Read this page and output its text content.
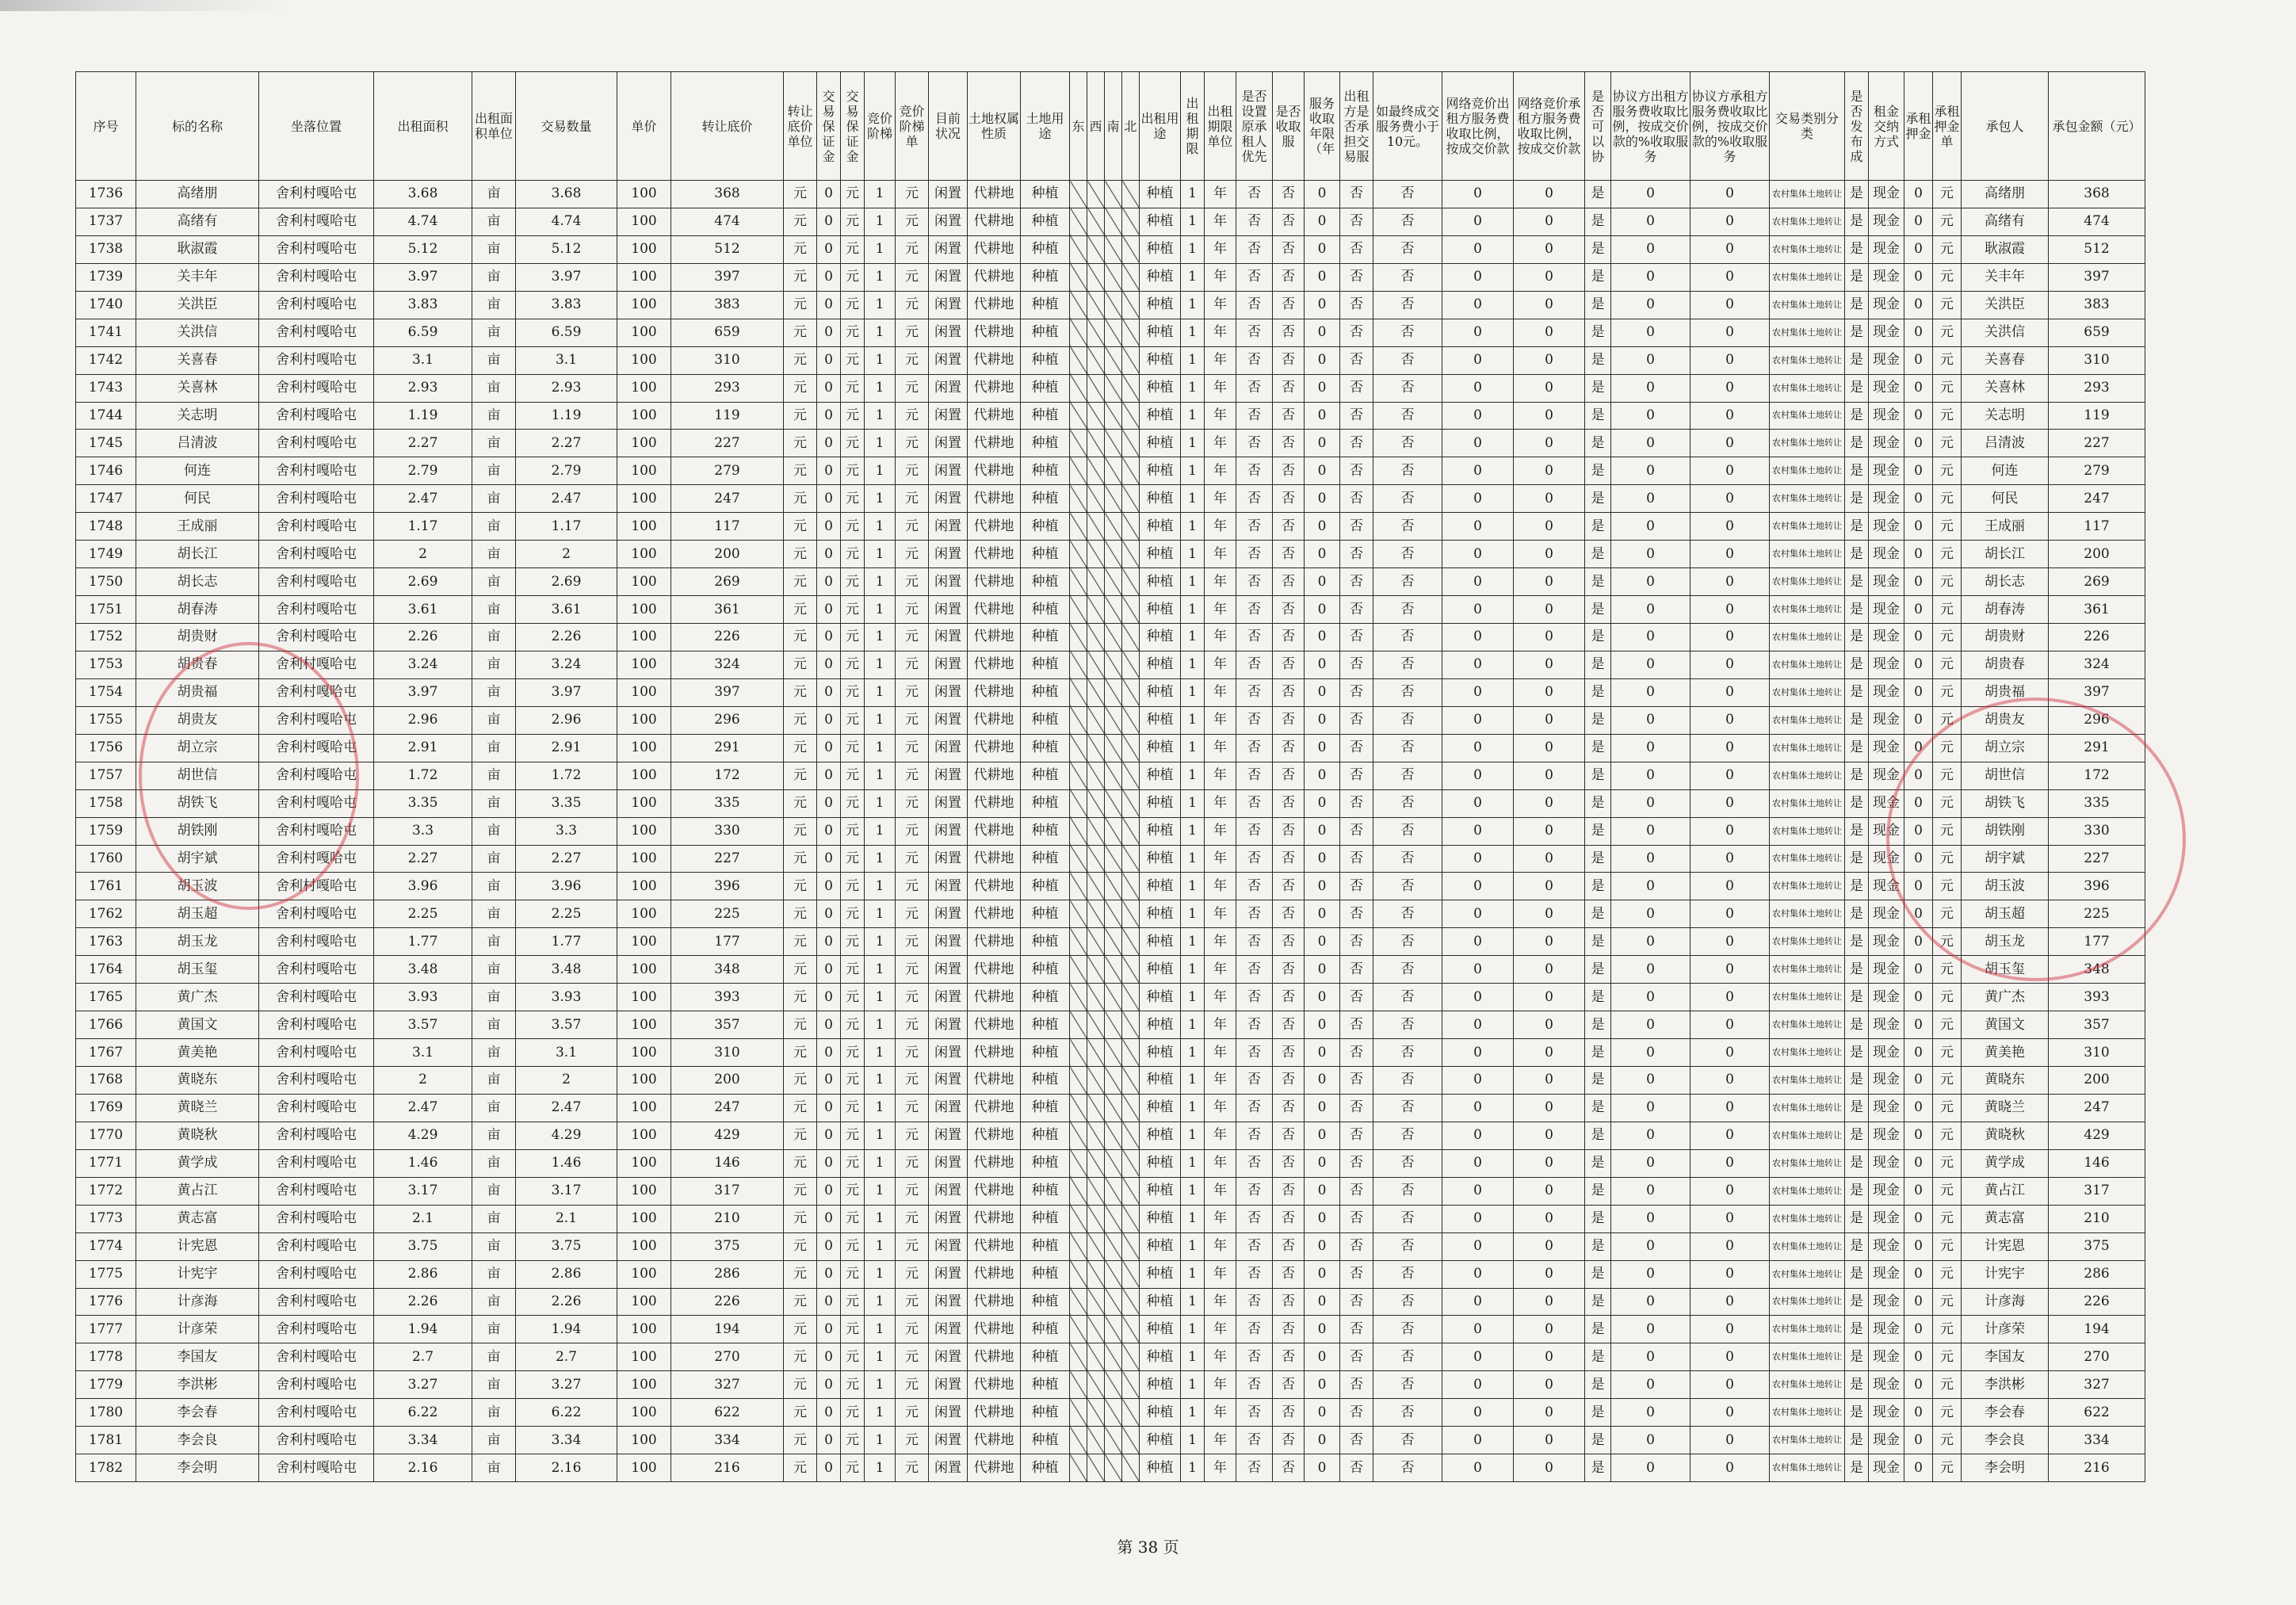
序号	标的名称	坐落位置	出租面积	出租面积单位	交易数量	单价	转让底价	转让底价单位	交易保证金	交易保证金	竞价阶梯	竞价阶梯单	目前状况	土地权属性质	土地用途	东	西	南	北	出租用途	出租期限	出租期限单位	是否设置原承租人优先	是否收取服	服务收取年限（年	出租方是否承担交易服	如最终成交服务费小于10元。	网络竞价出租方服务费收取比例，按成交价款	网络竞价承租方服务费收取比例，按成交价款	是否可以协	协议方出租方服务费收取比例，按成交价款的%收取服务	协议方承租方服务费收取比例，按成交价款的%收取服务	交易类别分类	是否发布成	租金交纳方式	承租押金	承租押金单	承包人	承包金额（元）
1736	高绪朋	舍利村嘎哈屯	3.68	亩	3.68	100	368	元	0	元	1	元	闲置	代耕地	种植					种植	1	年	否	否	0	否	否	0	0	是	0	0	农村集体土地转让	是	现金	0	元	高绪朋	368
1737	高绪有	舍利村嘎哈屯	4.74	亩	4.74	100	474	元	0	元	1	元	闲置	代耕地	种植					种植	1	年	否	否	0	否	否	0	0	是	0	0	农村集体土地转让	是	现金	0	元	高绪有	474
1738	耿淑霞	舍利村嘎哈屯	5.12	亩	5.12	100	512	元	0	元	1	元	闲置	代耕地	种植					种植	1	年	否	否	0	否	否	0	0	是	0	0	农村集体土地转让	是	现金	0	元	耿淑霞	512
1739	关丰年	舍利村嘎哈屯	3.97	亩	3.97	100	397	元	0	元	1	元	闲置	代耕地	种植					种植	1	年	否	否	0	否	否	0	0	是	0	0	农村集体土地转让	是	现金	0	元	关丰年	397
1740	关洪臣	舍利村嘎哈屯	3.83	亩	3.83	100	383	元	0	元	1	元	闲置	代耕地	种植					种植	1	年	否	否	0	否	否	0	0	是	0	0	农村集体土地转让	是	现金	0	元	关洪臣	383
1741	关洪信	舍利村嘎哈屯	6.59	亩	6.59	100	659	元	0	元	1	元	闲置	代耕地	种植					种植	1	年	否	否	0	否	否	0	0	是	0	0	农村集体土地转让	是	现金	0	元	关洪信	659
1742	关喜春	舍利村嘎哈屯	3.1	亩	3.1	100	310	元	0	元	1	元	闲置	代耕地	种植					种植	1	年	否	否	0	否	否	0	0	是	0	0	农村集体土地转让	是	现金	0	元	关喜春	310
1743	关喜林	舍利村嘎哈屯	2.93	亩	2.93	100	293	元	0	元	1	元	闲置	代耕地	种植					种植	1	年	否	否	0	否	否	0	0	是	0	0	农村集体土地转让	是	现金	0	元	关喜林	293
1744	关志明	舍利村嘎哈屯	1.19	亩	1.19	100	119	元	0	元	1	元	闲置	代耕地	种植					种植	1	年	否	否	0	否	否	0	0	是	0	0	农村集体土地转让	是	现金	0	元	关志明	119
1745	吕清波	舍利村嘎哈屯	2.27	亩	2.27	100	227	元	0	元	1	元	闲置	代耕地	种植					种植	1	年	否	否	0	否	否	0	0	是	0	0	农村集体土地转让	是	现金	0	元	吕清波	227
1746	何连	舍利村嘎哈屯	2.79	亩	2.79	100	279	元	0	元	1	元	闲置	代耕地	种植					种植	1	年	否	否	0	否	否	0	0	是	0	0	农村集体土地转让	是	现金	0	元	何连	279
1747	何民	舍利村嘎哈屯	2.47	亩	2.47	100	247	元	0	元	1	元	闲置	代耕地	种植					种植	1	年	否	否	0	否	否	0	0	是	0	0	农村集体土地转让	是	现金	0	元	何民	247
1748	王成丽	舍利村嘎哈屯	1.17	亩	1.17	100	117	元	0	元	1	元	闲置	代耕地	种植					种植	1	年	否	否	0	否	否	0	0	是	0	0	农村集体土地转让	是	现金	0	元	王成丽	117
1749	胡长江	舍利村嘎哈屯	2	亩	2	100	200	元	0	元	1	元	闲置	代耕地	种植					种植	1	年	否	否	0	否	否	0	0	是	0	0	农村集体土地转让	是	现金	0	元	胡长江	200
1750	胡长志	舍利村嘎哈屯	2.69	亩	2.69	100	269	元	0	元	1	元	闲置	代耕地	种植					种植	1	年	否	否	0	否	否	0	0	是	0	0	农村集体土地转让	是	现金	0	元	胡长志	269
1751	胡春涛	舍利村嘎哈屯	3.61	亩	3.61	100	361	元	0	元	1	元	闲置	代耕地	种植					种植	1	年	否	否	0	否	否	0	0	是	0	0	农村集体土地转让	是	现金	0	元	胡春涛	361
1752	胡贵财	舍利村嘎哈屯	2.26	亩	2.26	100	226	元	0	元	1	元	闲置	代耕地	种植					种植	1	年	否	否	0	否	否	0	0	是	0	0	农村集体土地转让	是	现金	0	元	胡贵财	226
1753	胡贵春	舍利村嘎哈屯	3.24	亩	3.24	100	324	元	0	元	1	元	闲置	代耕地	种植					种植	1	年	否	否	0	否	否	0	0	是	0	0	农村集体土地转让	是	现金	0	元	胡贵春	324
1754	胡贵福	舍利村嘎哈屯	3.97	亩	3.97	100	397	元	0	元	1	元	闲置	代耕地	种植					种植	1	年	否	否	0	否	否	0	0	是	0	0	农村集体土地转让	是	现金	0	元	胡贵福	397
1755	胡贵友	舍利村嘎哈屯	2.96	亩	2.96	100	296	元	0	元	1	元	闲置	代耕地	种植					种植	1	年	否	否	0	否	否	0	0	是	0	0	农村集体土地转让	是	现金	0	元	胡贵友	296
1756	胡立宗	舍利村嘎哈屯	2.91	亩	2.91	100	291	元	0	元	1	元	闲置	代耕地	种植					种植	1	年	否	否	0	否	否	0	0	是	0	0	农村集体土地转让	是	现金	0	元	胡立宗	291
1757	胡世信	舍利村嘎哈屯	1.72	亩	1.72	100	172	元	0	元	1	元	闲置	代耕地	种植					种植	1	年	否	否	0	否	否	0	0	是	0	0	农村集体土地转让	是	现金	0	元	胡世信	172
1758	胡铁飞	舍利村嘎哈屯	3.35	亩	3.35	100	335	元	0	元	1	元	闲置	代耕地	种植					种植	1	年	否	否	0	否	否	0	0	是	0	0	农村集体土地转让	是	现金	0	元	胡铁飞	335
1759	胡铁刚	舍利村嘎哈屯	3.3	亩	3.3	100	330	元	0	元	1	元	闲置	代耕地	种植					种植	1	年	否	否	0	否	否	0	0	是	0	0	农村集体土地转让	是	现金	0	元	胡铁刚	330
1760	胡宇斌	舍利村嘎哈屯	2.27	亩	2.27	100	227	元	0	元	1	元	闲置	代耕地	种植					种植	1	年	否	否	0	否	否	0	0	是	0	0	农村集体土地转让	是	现金	0	元	胡宇斌	227
1761	胡玉波	舍利村嘎哈屯	3.96	亩	3.96	100	396	元	0	元	1	元	闲置	代耕地	种植					种植	1	年	否	否	0	否	否	0	0	是	0	0	农村集体土地转让	是	现金	0	元	胡玉波	396
1762	胡玉超	舍利村嘎哈屯	2.25	亩	2.25	100	225	元	0	元	1	元	闲置	代耕地	种植					种植	1	年	否	否	0	否	否	0	0	是	0	0	农村集体土地转让	是	现金	0	元	胡玉超	225
1763	胡玉龙	舍利村嘎哈屯	1.77	亩	1.77	100	177	元	0	元	1	元	闲置	代耕地	种植					种植	1	年	否	否	0	否	否	0	0	是	0	0	农村集体土地转让	是	现金	0	元	胡玉龙	177
1764	胡玉玺	舍利村嘎哈屯	3.48	亩	3.48	100	348	元	0	元	1	元	闲置	代耕地	种植					种植	1	年	否	否	0	否	否	0	0	是	0	0	农村集体土地转让	是	现金	0	元	胡玉玺	348
1765	黄广杰	舍利村嘎哈屯	3.93	亩	3.93	100	393	元	0	元	1	元	闲置	代耕地	种植					种植	1	年	否	否	0	否	否	0	0	是	0	0	农村集体土地转让	是	现金	0	元	黄广杰	393
1766	黄国文	舍利村嘎哈屯	3.57	亩	3.57	100	357	元	0	元	1	元	闲置	代耕地	种植					种植	1	年	否	否	0	否	否	0	0	是	0	0	农村集体土地转让	是	现金	0	元	黄国文	357
1767	黄美艳	舍利村嘎哈屯	3.1	亩	3.1	100	310	元	0	元	1	元	闲置	代耕地	种植					种植	1	年	否	否	0	否	否	0	0	是	0	0	农村集体土地转让	是	现金	0	元	黄美艳	310
1768	黄晓东	舍利村嘎哈屯	2	亩	2	100	200	元	0	元	1	元	闲置	代耕地	种植					种植	1	年	否	否	0	否	否	0	0	是	0	0	农村集体土地转让	是	现金	0	元	黄晓东	200
1769	黄晓兰	舍利村嘎哈屯	2.47	亩	2.47	100	247	元	0	元	1	元	闲置	代耕地	种植					种植	1	年	否	否	0	否	否	0	0	是	0	0	农村集体土地转让	是	现金	0	元	黄晓兰	247
1770	黄晓秋	舍利村嘎哈屯	4.29	亩	4.29	100	429	元	0	元	1	元	闲置	代耕地	种植					种植	1	年	否	否	0	否	否	0	0	是	0	0	农村集体土地转让	是	现金	0	元	黄晓秋	429
1771	黄学成	舍利村嘎哈屯	1.46	亩	1.46	100	146	元	0	元	1	元	闲置	代耕地	种植					种植	1	年	否	否	0	否	否	0	0	是	0	0	农村集体土地转让	是	现金	0	元	黄学成	146
1772	黄占江	舍利村嘎哈屯	3.17	亩	3.17	100	317	元	0	元	1	元	闲置	代耕地	种植					种植	1	年	否	否	0	否	否	0	0	是	0	0	农村集体土地转让	是	现金	0	元	黄占江	317
1773	黄志富	舍利村嘎哈屯	2.1	亩	2.1	100	210	元	0	元	1	元	闲置	代耕地	种植					种植	1	年	否	否	0	否	否	0	0	是	0	0	农村集体土地转让	是	现金	0	元	黄志富	210
1774	计宪恩	舍利村嘎哈屯	3.75	亩	3.75	100	375	元	0	元	1	元	闲置	代耕地	种植					种植	1	年	否	否	0	否	否	0	0	是	0	0	农村集体土地转让	是	现金	0	元	计宪恩	375
1775	计宪宇	舍利村嘎哈屯	2.86	亩	2.86	100	286	元	0	元	1	元	闲置	代耕地	种植					种植	1	年	否	否	0	否	否	0	0	是	0	0	农村集体土地转让	是	现金	0	元	计宪宇	286
1776	计彦海	舍利村嘎哈屯	2.26	亩	2.26	100	226	元	0	元	1	元	闲置	代耕地	种植					种植	1	年	否	否	0	否	否	0	0	是	0	0	农村集体土地转让	是	现金	0	元	计彦海	226
1777	计彦荣	舍利村嘎哈屯	1.94	亩	1.94	100	194	元	0	元	1	元	闲置	代耕地	种植					种植	1	年	否	否	0	否	否	0	0	是	0	0	农村集体土地转让	是	现金	0	元	计彦荣	194
1778	李国友	舍利村嘎哈屯	2.7	亩	2.7	100	270	元	0	元	1	元	闲置	代耕地	种植					种植	1	年	否	否	0	否	否	0	0	是	0	0	农村集体土地转让	是	现金	0	元	李国友	270
1779	李洪彬	舍利村嘎哈屯	3.27	亩	3.27	100	327	元	0	元	1	元	闲置	代耕地	种植					种植	1	年	否	否	0	否	否	0	0	是	0	0	农村集体土地转让	是	现金	0	元	李洪彬	327
1780	李会春	舍利村嘎哈屯	6.22	亩	6.22	100	622	元	0	元	1	元	闲置	代耕地	种植					种植	1	年	否	否	0	否	否	0	0	是	0	0	农村集体土地转让	是	现金	0	元	李会春	622
1781	李会良	舍利村嘎哈屯	3.34	亩	3.34	100	334	元	0	元	1	元	闲置	代耕地	种植					种植	1	年	否	否	0	否	否	0	0	是	0	0	农村集体土地转让	是	现金	0	元	李会良	334
1782	李会明	舍利村嘎哈屯	2.16	亩	2.16	100	216	元	0	元	1	元	闲置	代耕地	种植					种植	1	年	否	否	0	否	否	0	0	是	0	0	农村集体土地转让	是	现金	0	元	李会明	216
第 38 页
